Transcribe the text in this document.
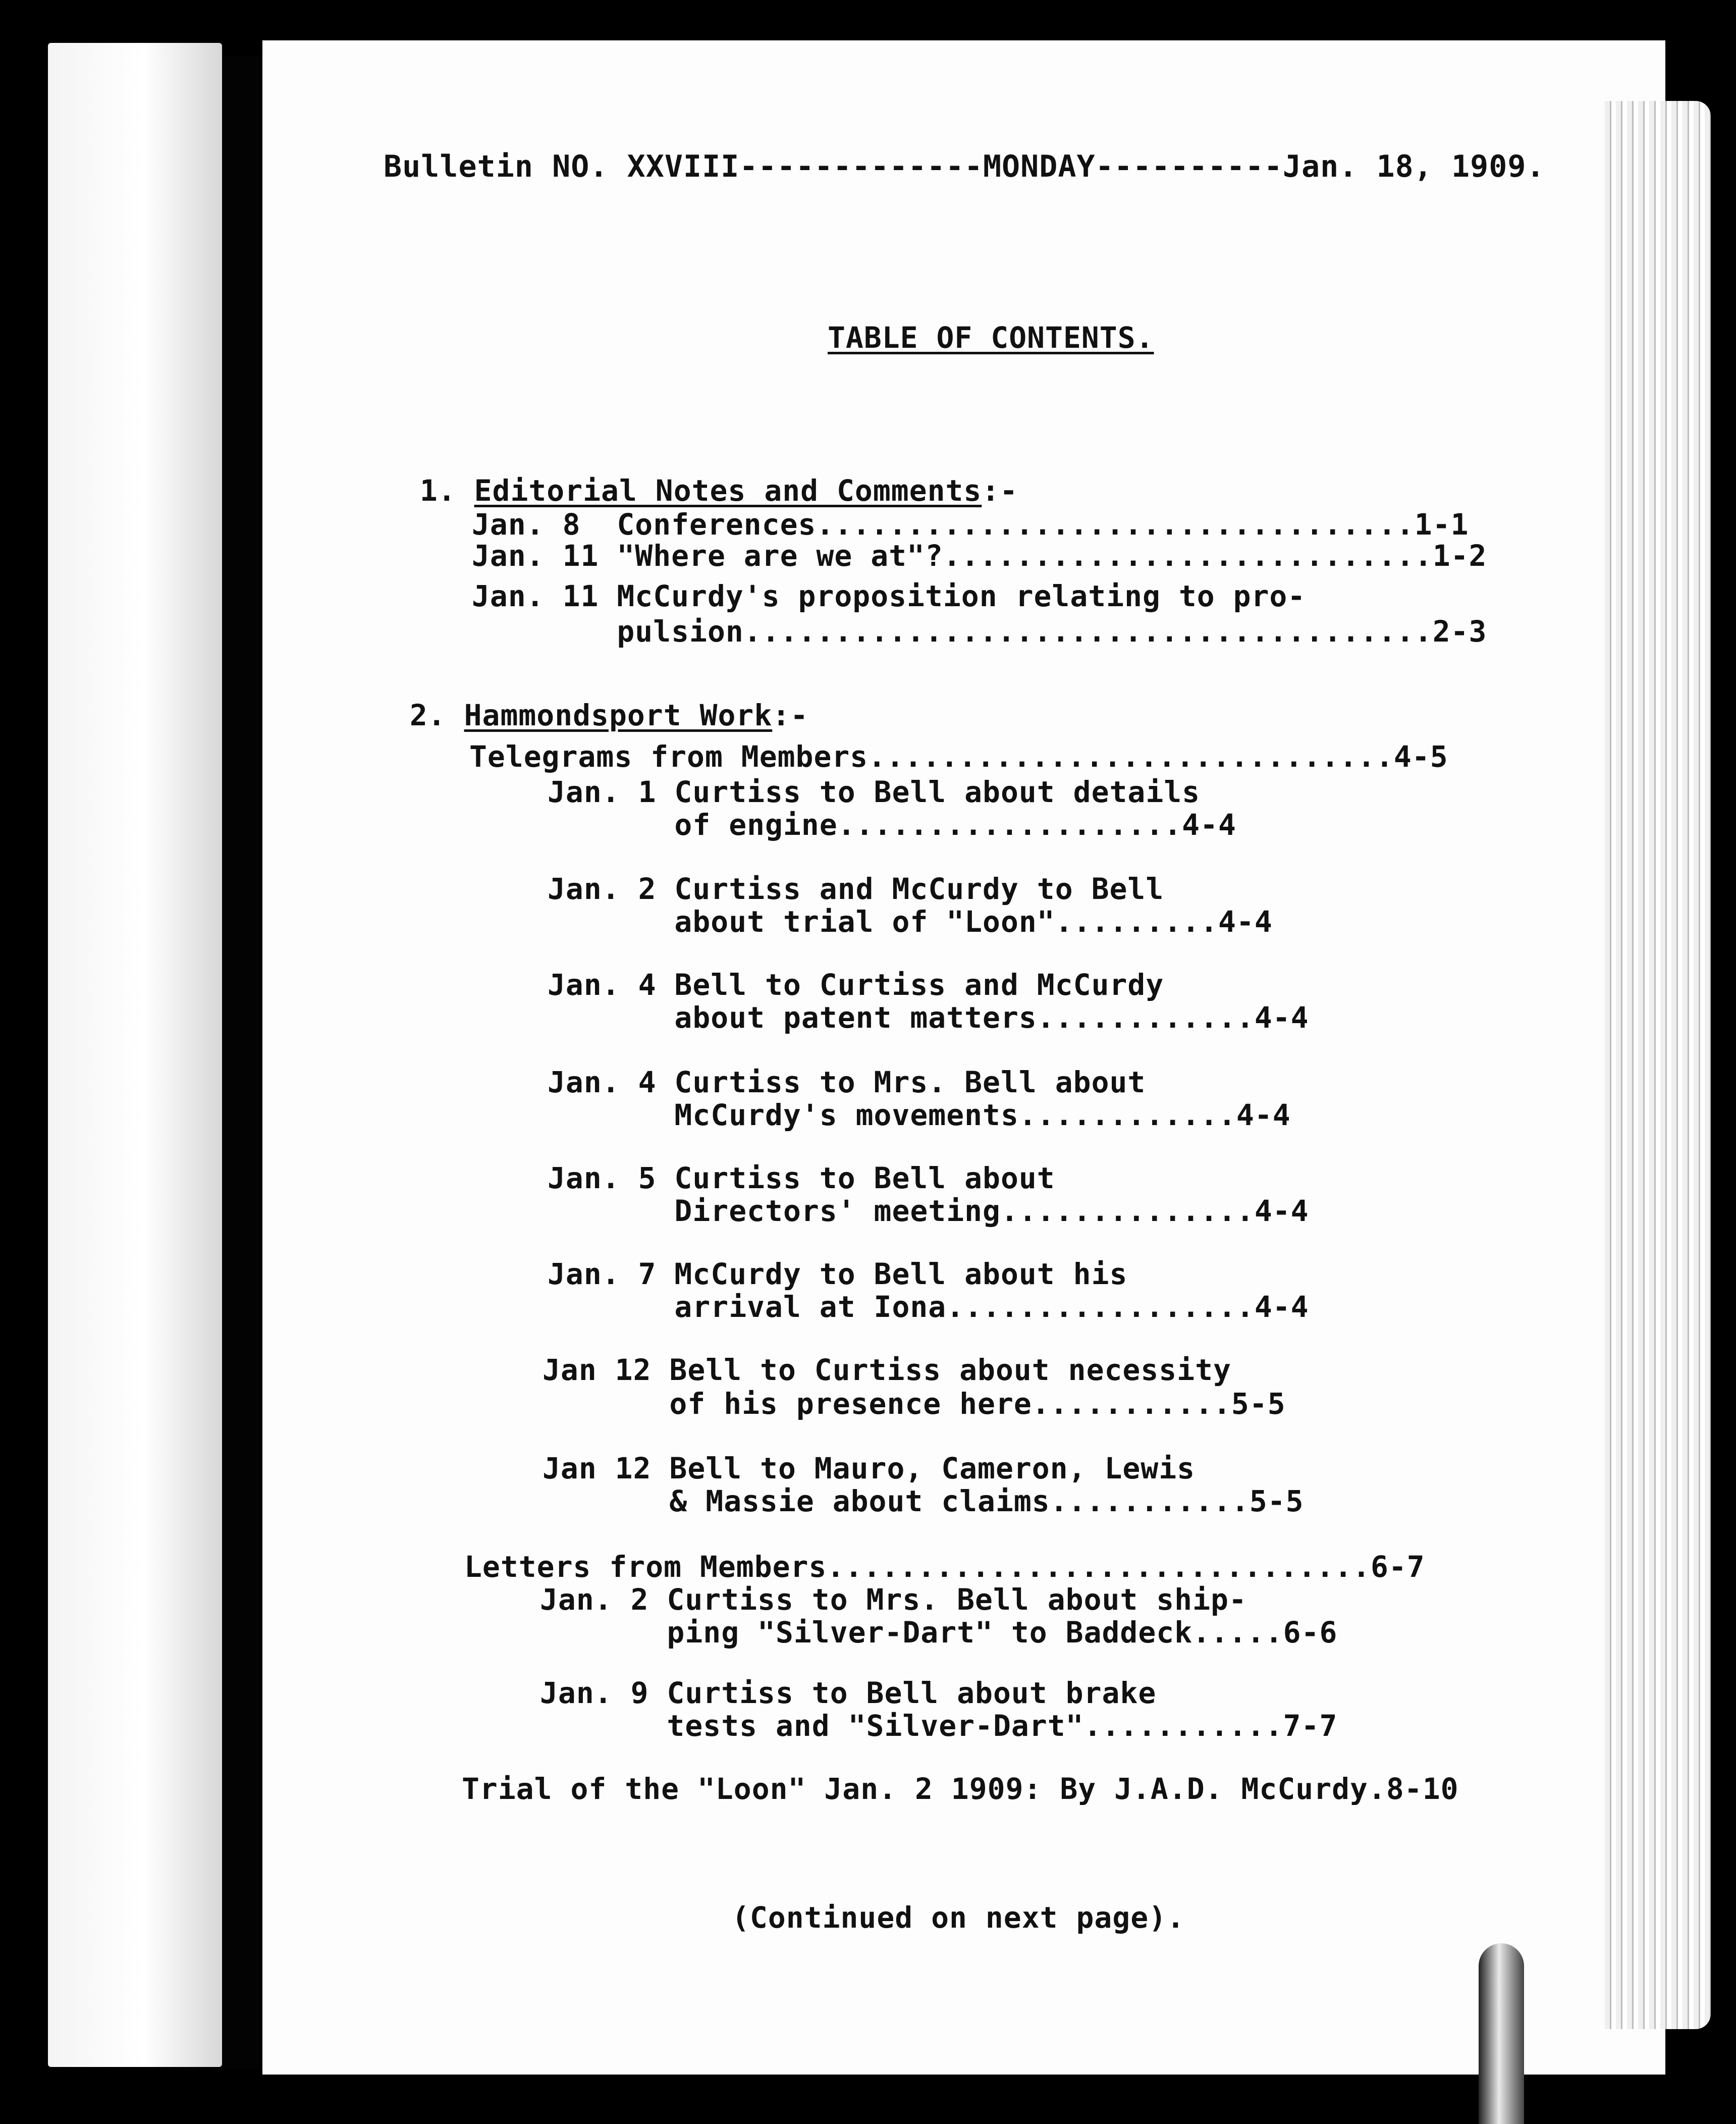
Bulletin NO. XXVIII-------------MONDAY----------Jan. 18, 1909.
TABLE OF CONTENTS.

1. Editorial Notes and Comments:-

Jan. 8  Conferences.................................1-1
Jan. 11 "Where are we at"?...........................1-2
Jan. 11 McCurdy's proposition relating to pro-
pulsion......................................2-3

2. Hammondsport Work:-

Telegrams from Members.............................4-5
Jan. 1 Curtiss to Bell about details
of engine...................4-4
Jan. 2 Curtiss and McCurdy to Bell
about trial of "Loon".........4-4
Jan. 4 Bell to Curtiss and McCurdy
about patent matters............4-4
Jan. 4 Curtiss to Mrs. Bell about
McCurdy's movements............4-4
Jan. 5 Curtiss to Bell about
Directors' meeting..............4-4
Jan. 7 McCurdy to Bell about his
arrival at Iona.................4-4
Jan 12 Bell to Curtiss about necessity
of his presence here...........5-5
Jan 12 Bell to Mauro, Cameron, Lewis
& Massie about claims...........5-5
Letters from Members..............................6-7
Jan. 2 Curtiss to Mrs. Bell about ship-
ping "Silver-Dart" to Baddeck.....6-6
Jan. 9 Curtiss to Bell about brake
tests and "Silver-Dart"...........7-7
Trial of the "Loon" Jan. 2 1909: By J.A.D. McCurdy.8-10
(Continued on next page).
